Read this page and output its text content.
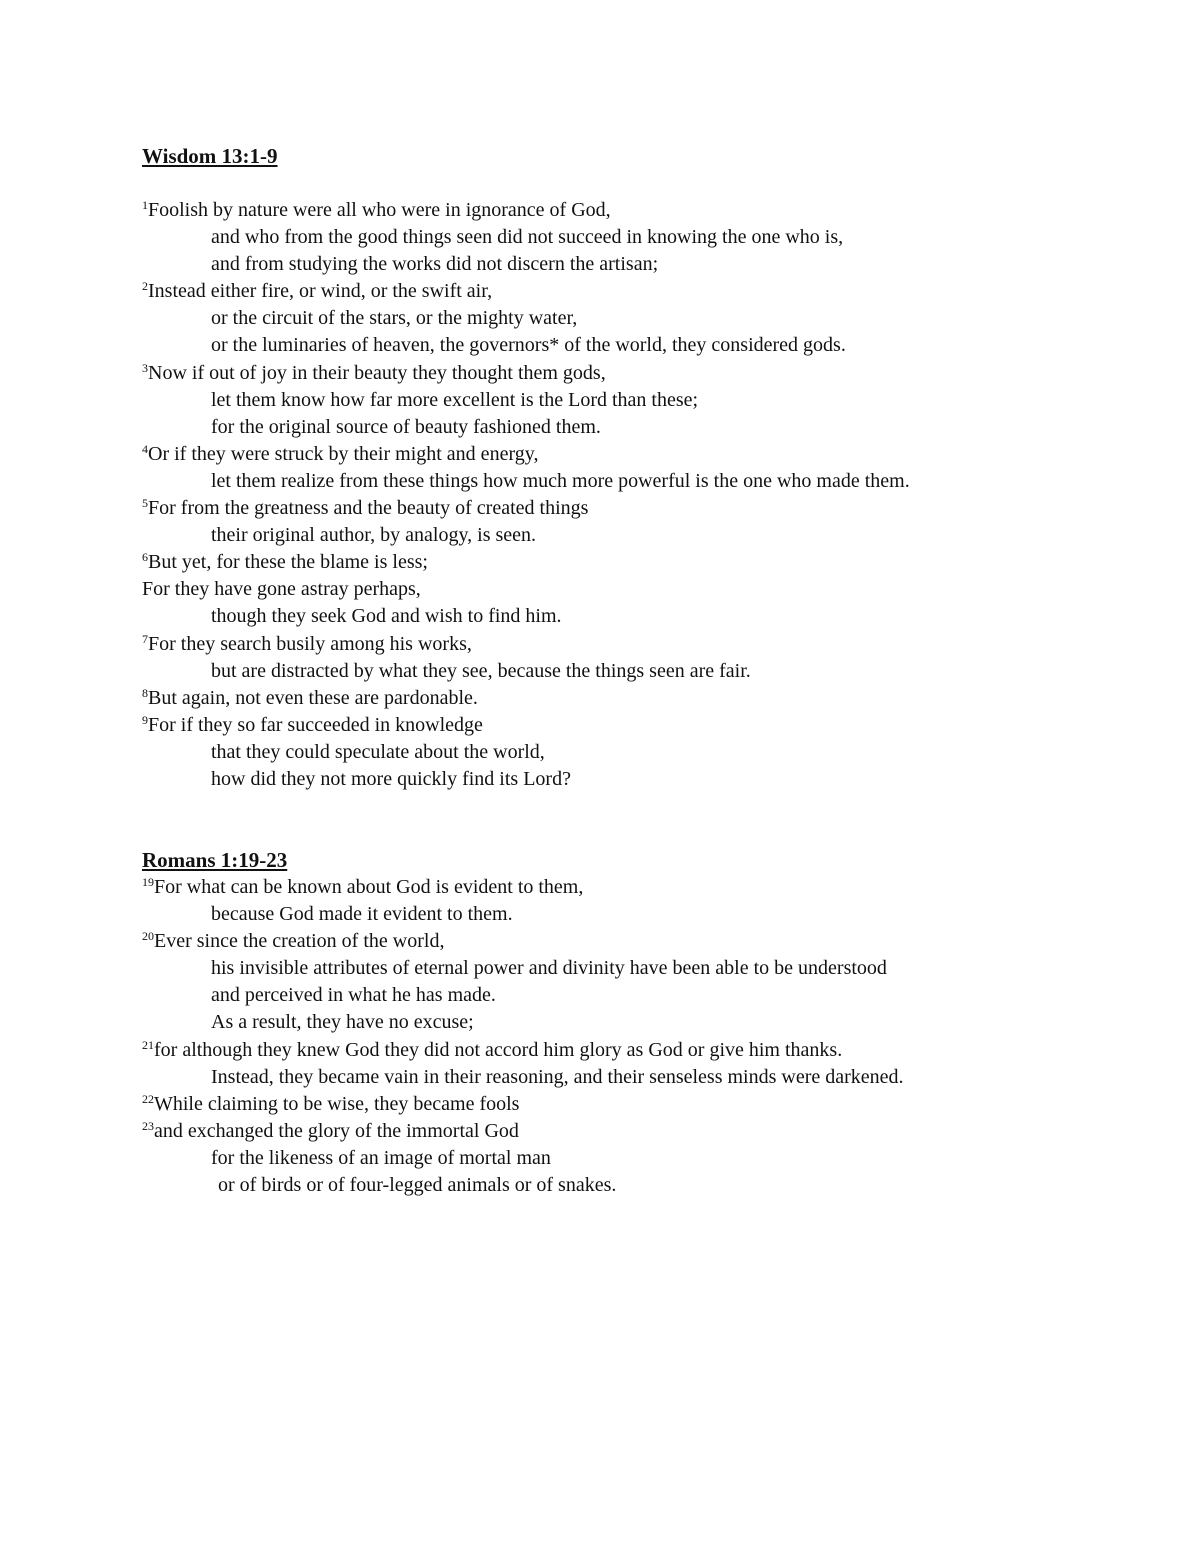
Wisdom 13:1-9
$^1$Foolish by nature were all who were in ignorance of God,
and who from the good things seen did not succeed in knowing the one who is,
and from studying the works did not discern the artisan;
$^2$Instead either fire, or wind, or the swift air,
or the circuit of the stars, or the mighty water,
or the luminaries of heaven, the governors* of the world, they considered gods.
$^3$Now if out of joy in their beauty they thought them gods,
let them know how far more excellent is the Lord than these;
for the original source of beauty fashioned them.
$^4$Or if they were struck by their might and energy,
let them realize from these things how much more powerful is the one who made them.
$^5$For from the greatness and the beauty of created things
their original author, by analogy, is seen.
$^6$But yet, for these the blame is less;
For they have gone astray perhaps,
though they seek God and wish to find him.
$^7$For they search busily among his works,
but are distracted by what they see, because the things seen are fair.
$^8$But again, not even these are pardonable.
$^9$For if they so far succeeded in knowledge
that they could speculate about the world,
how did they not more quickly find its Lord?
Romans 1:19-23
$^{19}$For what can be known about God is evident to them,
because God made it evident to them.
$^{20}$Ever since the creation of the world,
his invisible attributes of eternal power and divinity have been able to be understood
and perceived in what he has made.
As a result, they have no excuse;
$^{21}$for although they knew God they did not accord him glory as God or give him thanks.
Instead, they became vain in their reasoning, and their senseless minds were darkened.
$^{22}$While claiming to be wise, they became fools
$^{23}$and exchanged the glory of the immortal God
for the likeness of an image of mortal man
or of birds or of four-legged animals or of snakes.
